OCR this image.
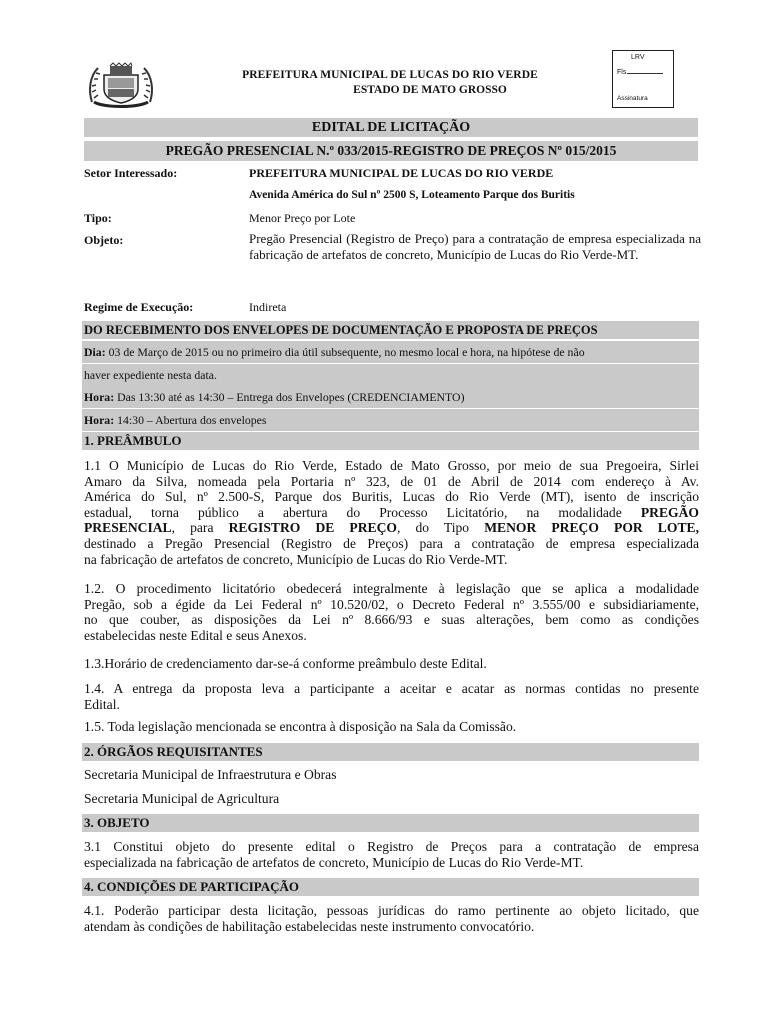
PREFEITURA MUNICIPAL DE LUCAS DO RIO VERDE
ESTADO DE MATO GROSSO
LRV
Fls
Assinatura
EDITAL DE LICITAÇÃO
PREGÃO PRESENCIAL N.º 033/2015-REGISTRO DE PREÇOS Nº 015/2015
Setor Interessado:	PREFEITURA MUNICIPAL DE LUCAS DO RIO VERDE
Avenida América do Sul nº 2500 S, Loteamento Parque dos Buritis
Tipo:	Menor Preço por Lote
Objeto:	Pregão Presencial (Registro de Preço) para a contratação de empresa especializada na fabricação de artefatos de concreto, Município de Lucas do Rio Verde-MT.
Regime de Execução:	Indireta
DO RECEBIMENTO DOS ENVELOPES DE DOCUMENTAÇÃO E PROPOSTA DE PREÇOS
Dia: 03 de Março de 2015 ou no primeiro dia útil subsequente, no mesmo local e hora, na hipótese de não
haver expediente nesta data.
Hora: Das 13:30 até as 14:30 – Entrega dos Envelopes (CREDENCIAMENTO)
Hora: 14:30 – Abertura dos envelopes
1. PREÂMBULO
1.1 O Município de Lucas do Rio Verde, Estado de Mato Grosso, por meio de sua Pregoeira, Sirlei
Amaro da Silva, nomeada pela Portaria nº 323, de 01 de Abril de 2014 com endereço à Av.
América do Sul, nº 2.500-S, Parque dos Buritis, Lucas do Rio Verde (MT), isento de inscrição
estadual, torna público a abertura do Processo Licitatório, na modalidade PREGÃO
PRESENCIAL, para REGISTRO DE PREÇO, do Tipo MENOR PREÇO POR LOTE,
destinado a Pregão Presencial (Registro de Preços) para a contratação de empresa especializada
na fabricação de artefatos de concreto, Município de Lucas do Rio Verde-MT.
1.2. O procedimento licitatório obedecerá integralmente à legislação que se aplica a modalidade
Pregão, sob a égide da Lei Federal nº 10.520/02, o Decreto Federal nº 3.555/00 e subsidiariamente,
no que couber, as disposições da Lei nº 8.666/93 e suas alterações, bem como as condições
estabelecidas neste Edital e seus Anexos.
1.3.Horário de credenciamento dar-se-á conforme preâmbulo deste Edital.
1.4. A entrega da proposta leva a participante a aceitar e acatar as normas contidas no presente
Edital.
1.5. Toda legislação mencionada se encontra à disposição na Sala da Comissão.
2. ÓRGÃOS REQUISITANTES
Secretaria Municipal de Infraestrutura e Obras
Secretaria Municipal de Agricultura
3. OBJETO
3.1 Constitui objeto do presente edital o Registro de Preços para a contratação de empresa
especializada na fabricação de artefatos de concreto, Município de Lucas do Rio Verde-MT.
4. CONDIÇÕES DE PARTICIPAÇÃO
4.1. Poderão participar desta licitação, pessoas jurídicas do ramo pertinente ao objeto licitado, que
atendam às condições de habilitação estabelecidas neste instrumento convocatório.
